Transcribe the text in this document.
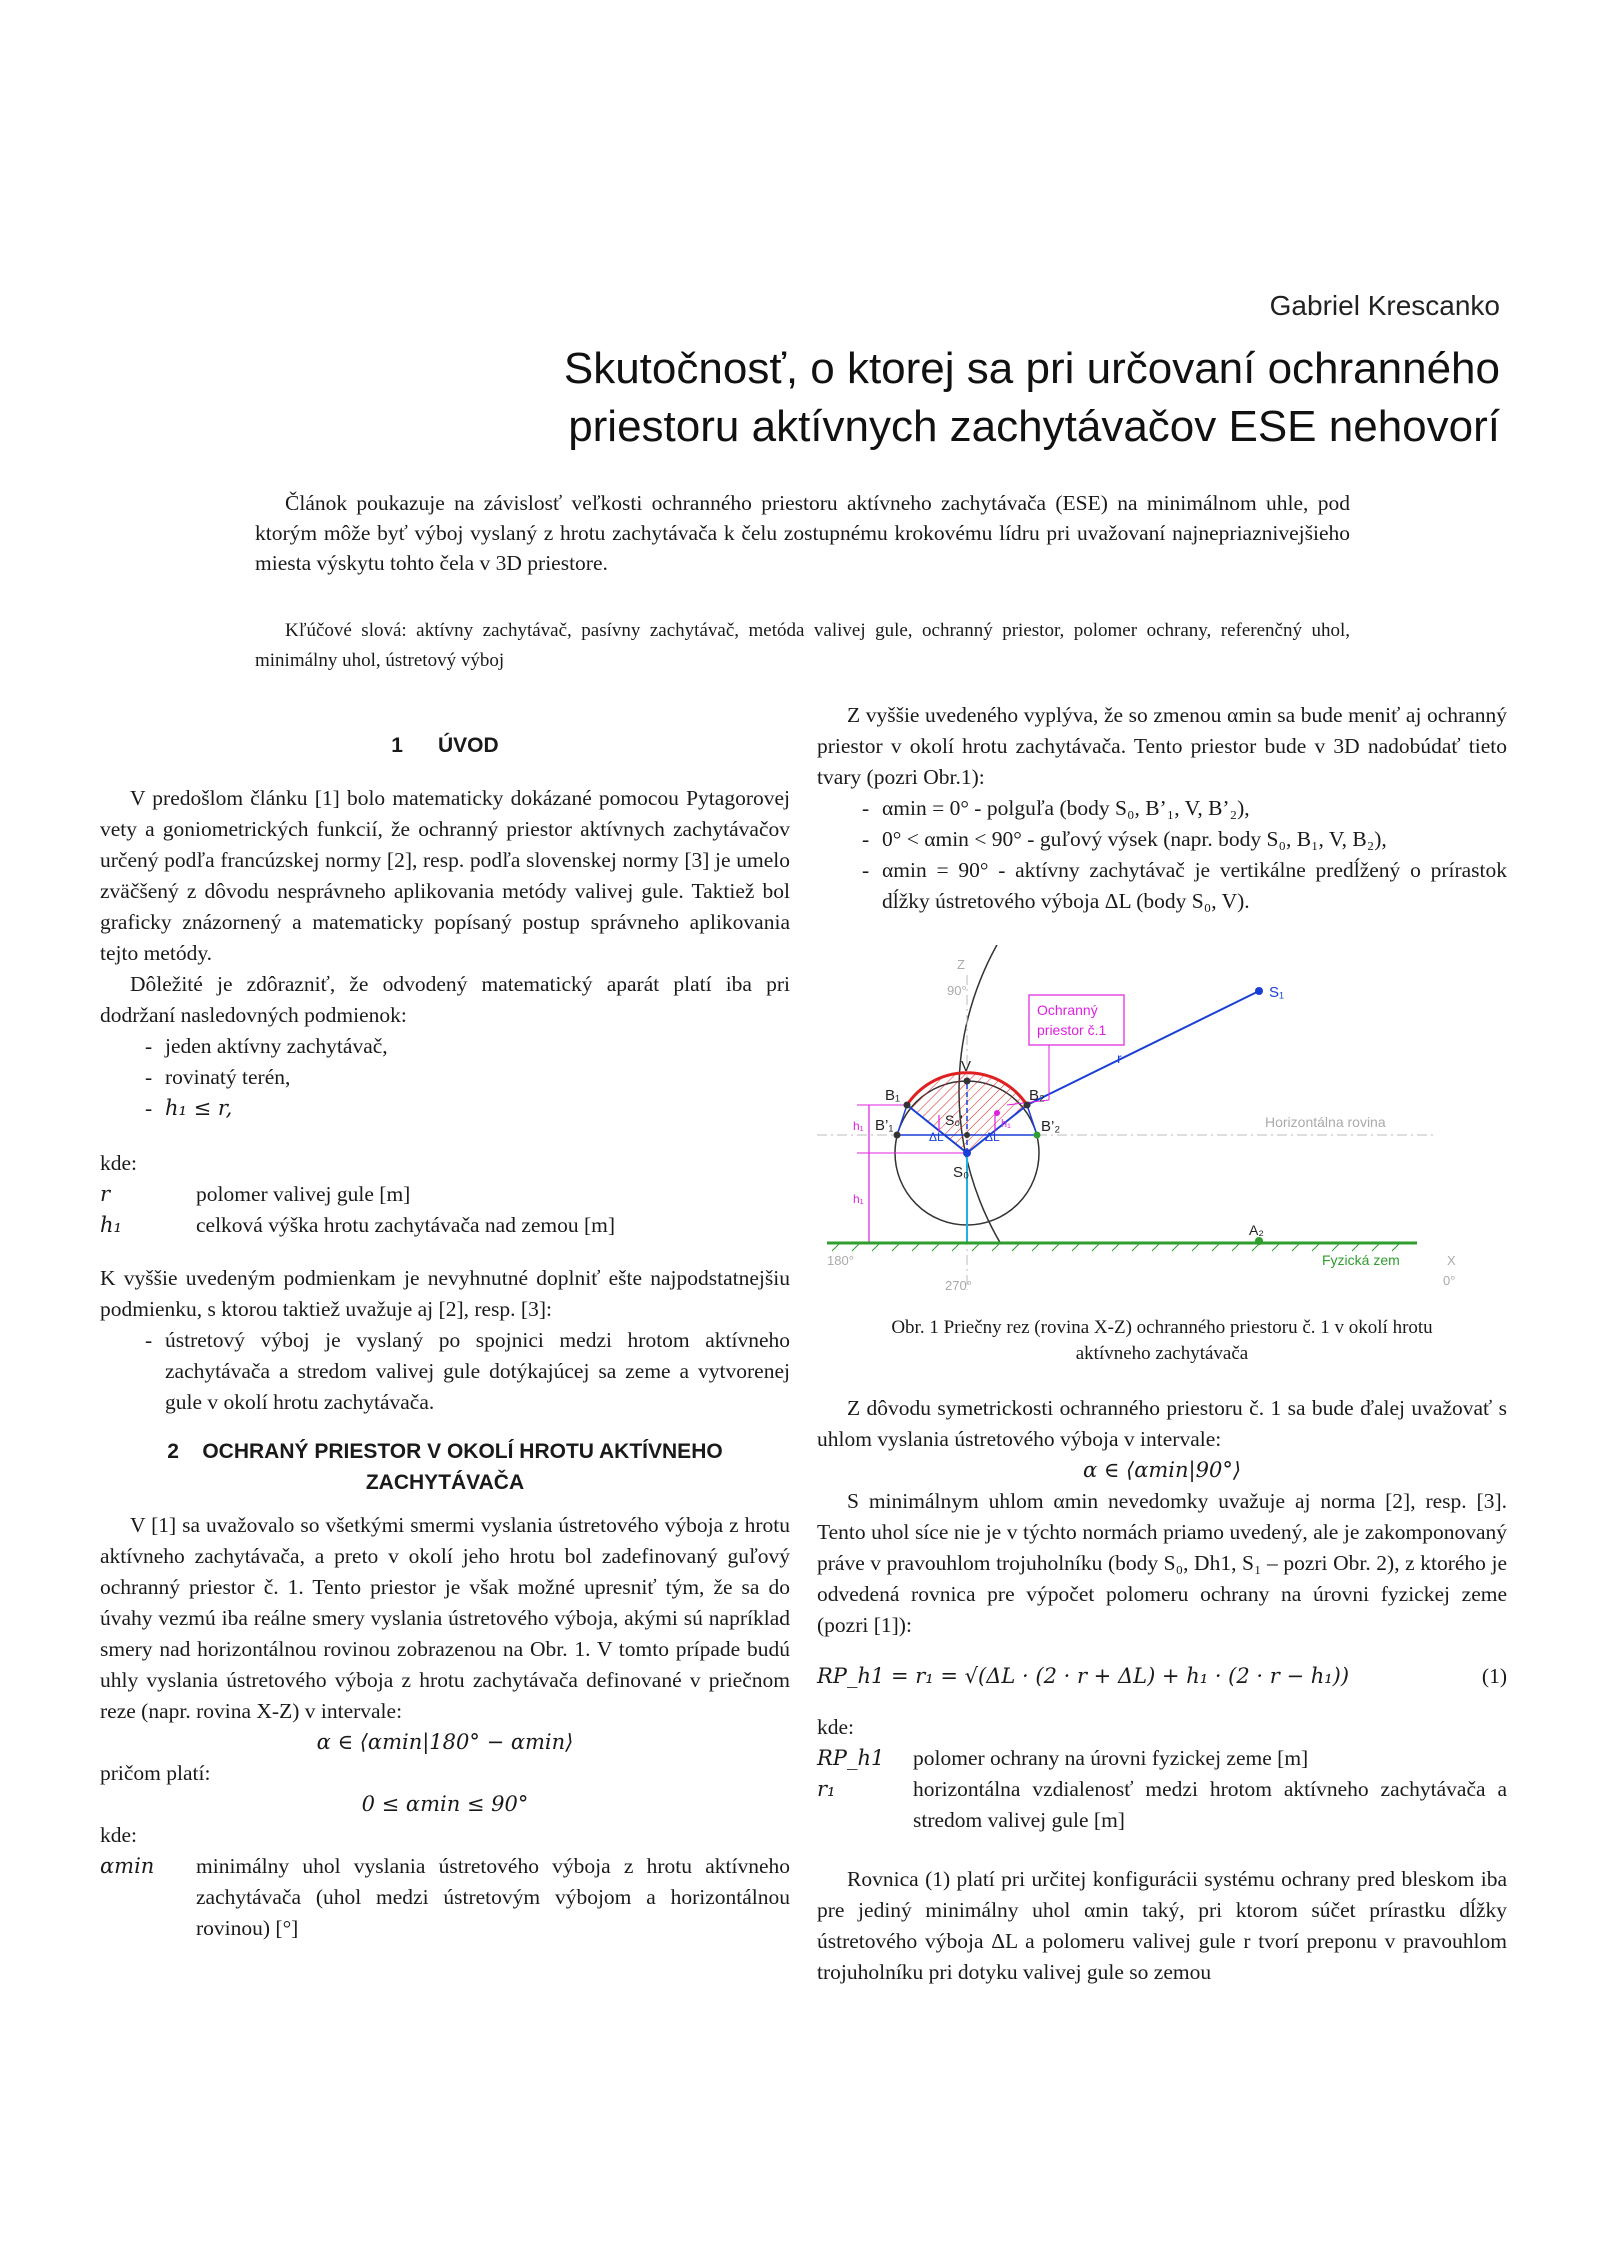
Gabriel Krescanko
Skutočnosť, o ktorej sa pri určovaní ochranného
priestoru aktívnych zachytávačov ESE nehovorí
Článok poukazuje na závislosť veľkosti ochranného priestoru aktívneho zachytávača (ESE) na minimálnom uhle, pod ktorým môže byť výboj vyslaný z hrotu zachytávača k čelu zostupnému krokovému lídru pri uvažovaní najnepriaznivejšieho miesta výskytu tohto čela v 3D priestore.
Kľúčové slová: aktívny zachytávač, pasívny zachytávač, metóda valivej gule, ochranný priestor, polomer ochrany, referenčný uhol, minimálny uhol, ústretový výboj
1 ÚVOD

V predošlom článku [1] bolo matematicky dokázané pomocou Pytagorovej vety a goniometrických funkcií, že ochranný priestor aktívnych zachytávačov určený podľa francúzskej normy [2], resp. podľa slovenskej normy [3] je umelo zväčšený z dôvodu nesprávneho aplikovania metódy valivej gule. Taktiež bol graficky znázornený a matematicky popísaný postup správneho aplikovania tejto metódy.

Dôležité je zdôrazniť, že odvodený matematický aparát platí iba pri dodržaní nasledovných podmienok:

- jeden aktívny zachytávač,
- rovinatý terén,
- h₁ ≤ r,
kde:
r	polomer valivej gule [m]
h₁	celková výška hrotu zachytávača nad zemou [m]

K vyššie uvedeným podmienkam je nevyhnutné doplniť ešte najpodstatnejšiu podmienku, s ktorou taktiež uvažuje aj [2], resp. [3]:

- ústretový výboj je vyslaný po spojnici medzi hrotom aktívneho zachytávača a stredom valivej gule dotýkajúcej sa zeme a vytvorenej gule v okolí hrotu zachytávača.
2 OCHRANÝ PRIESTOR V OKOLÍ HROTU AKTÍVNEHO
ZACHYTÁVAČA

V [1] sa uvažovalo so všetkými smermi vyslania ústretového výboja z hrotu aktívneho zachytávača, a preto v okolí jeho hrotu bol zadefinovaný guľový ochranný priestor č. 1. Tento priestor je však možné upresniť tým, že sa do úvahy vezmú iba reálne smery vyslania ústretového výboja, akými sú napríklad smery nad horizontálnou rovinou zobrazenou na Obr. 1. V tomto prípade budú uhly vyslania ústretového výboja z hrotu zachytávača definované v priečnom reze (napr. rovina X-Z) v intervale:

α ∈ ⟨αmin|180° − αmin⟩
pričom platí:
0 ≤ αmin ≤ 90°
kde:
αmin	minimálny uhol vyslania ústretového výboja z hrotu aktívneho zachytávača (uhol medzi ústretovým výbojom a horizontálnou rovinou) [°]

Z vyššie uvedeného vyplýva, že so zmenou αmin sa bude meniť aj ochranný priestor v okolí hrotu zachytávača. Tento priestor bude v 3D nadobúdať tieto tvary (pozri Obr.1):

- αmin = 0° - polguľa (body S₀, B’₁, V, B’₂),
- 0° < αmin < 90° - guľový výsek (napr. body S₀, B₁, V, B₂),
- αmin = 90° - aktívny zachytávač je vertikálne predĺžený o prírastok dĺžky ústretového výboja ΔL (body S₀, V).
Z
90°
Ochranný
priestor č.1
S₁
V
B₁	B₂
B’₁	B’₂
S₀'
S₀
A₂
r
ΔL	ΔL
h₁
h₁
h₁	Horizontálna rovina
Fyzická zem
180°
270°
X
0°
Obr. 1 Priečny rez (rovina X-Z) ochranného priestoru č. 1 v okolí hrotu
aktívneho zachytávača

Z dôvodu symetrickosti ochranného priestoru č. 1 sa bude ďalej uvažovať s uhlom vyslania ústretového výboja v intervale:

α ∈ ⟨αmin|90°⟩

S minimálnym uhlom αmin nevedomky uvažuje aj norma [2], resp. [3]. Tento uhol síce nie je v týchto normách priamo uvedený, ale je zakomponovaný práve v pravouhlom trojuholníku (body S₀, Dh1, S₁ – pozri Obr. 2), z ktorého je odvedená rovnica pre výpočet polomeru ochrany na úrovni fyzickej zeme (pozri [1]):

RP_h1 = r₁ = √(ΔL · (2 · r + ΔL) + h₁ · (2 · r − h₁))	(1)
kde:
RP_h1	polomer ochrany na úrovni fyzickej zeme [m]
r₁	horizontálna vzdialenosť medzi hrotom aktívneho zachytávača a stredom valivej gule [m]

Rovnica (1) platí pri určitej konfigurácii systému ochrany pred bleskom iba pre jediný minimálny uhol αmin taký, pri ktorom súčet prírastku dĺžky ústretového výboja ΔL a polomeru valivej gule r tvorí preponu v pravouhlom trojuholníku pri dotyku valivej gule so zemou
